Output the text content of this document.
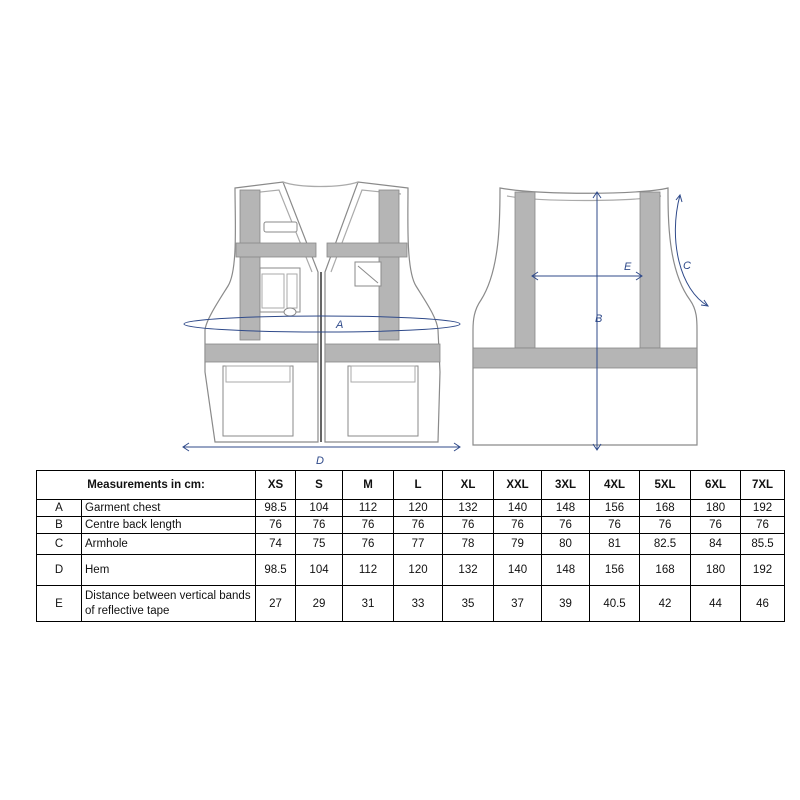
A
D
B
E	C
Measurements in cm:		XS	S	M	L	XL	XXL	3XL	4XL	5XL	6XL	7XL
A	Garment chest	98.5	104	112	120	132	140	148	156	168	180	192
B	Centre back length	76	76	76	76	76	76	76	76	76	76	76
C	Armhole	74	75	76	77	78	79	80	81	82.5	84	85.5
D	Hem	98.5	104	112	120	132	140	148	156	168	180	192
E	Distance between vertical bands of reflective tape	27	29	31	33	35	37	39	40.5	42	44	46
